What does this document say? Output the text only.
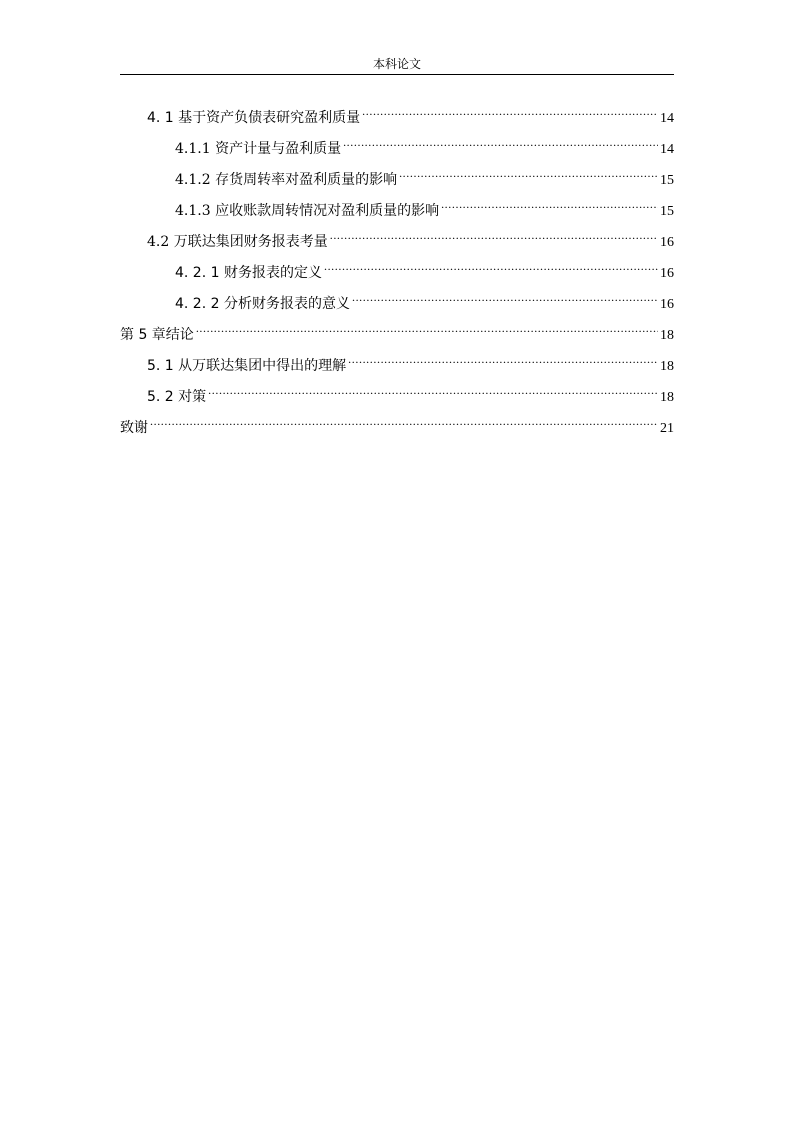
本科论文
4. 1 基于资产负债表研究盈利质量 .....	14
4.1.1 资产计量与盈利质量 .....	14
4.1.2 存货周转率对盈利质量的影响 .....	15
4.1.3 应收账款周转情况对盈利质量的影响 .....	15
4.2 万联达集团财务报表考量 .....	16
4. 2. 1 财务报表的定义 .....	16
4. 2. 2 分析财务报表的意义 .....	16
第 5 章结论 .....	18
5. 1 从万联达集团中得出的理解 .....	18
5. 2 对策 .....	18
致谢 .....	21
